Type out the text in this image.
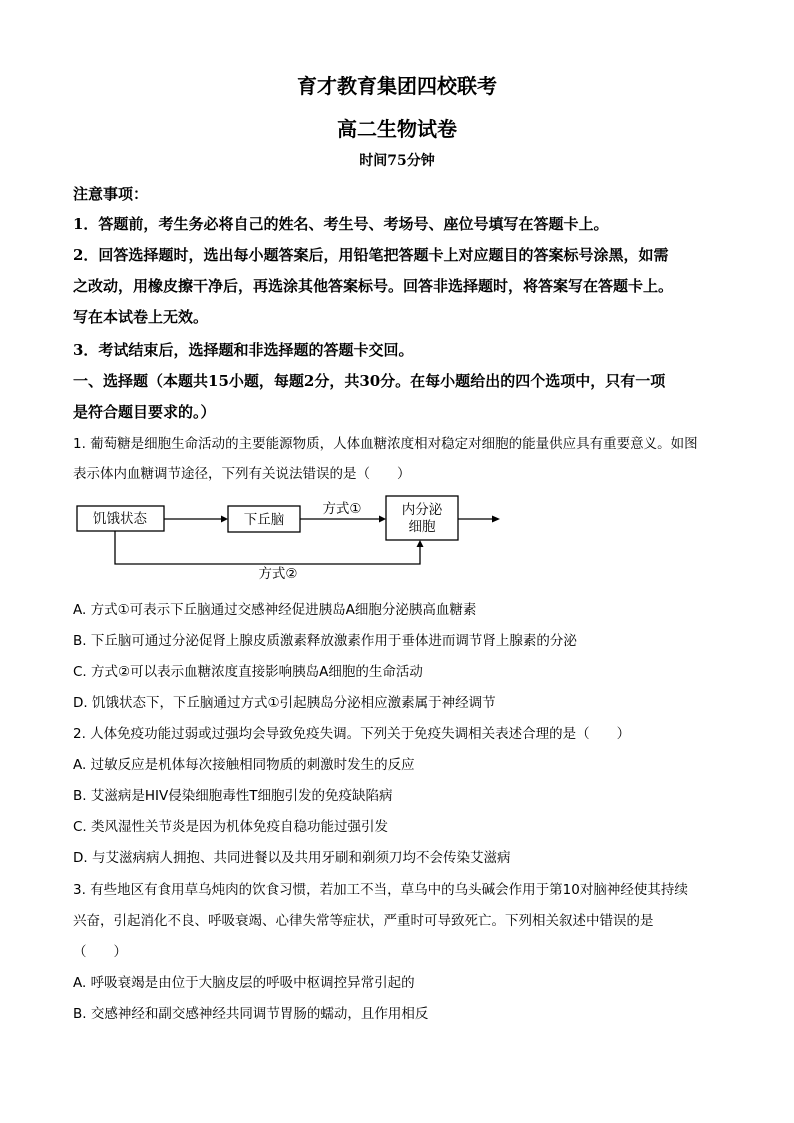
育才教育集团四校联考
高二生物试卷
时间75分钟

注意事项：

1．答题前，考生务必将自己的姓名、考生号、考场号、座位号填写在答题卡上。

2．回答选择题时，选出每小题答案后，用铅笔把答题卡上对应题目的答案标号涂黑，如需

之改动，用橡皮擦干净后，再选涂其他答案标号。回答非选择题时，将答案写在答题卡上。

写在本试卷上无效。

3．考试结束后，选择题和非选择题的答题卡交回。

一、选择题（本题共15小题，每题2分，共30分。在每小题给出的四个选项中，只有一项

是符合题目要求的。）

1. 葡萄糖是细胞生命活动的主要能源物质，人体血糖浓度相对稳定对细胞的能量供应具有重要意义。如图

表示体内血糖调节途径，下列有关说法错误的是（　　）

饥饿状态	下丘脑
内分泌
细胞
方式①
方式②

A. 方式①可表示下丘脑通过交感神经促进胰岛A细胞分泌胰高血糖素

B. 下丘脑可通过分泌促肾上腺皮质激素释放激素作用于垂体进而调节肾上腺素的分泌

C. 方式②可以表示血糖浓度直接影响胰岛A细胞的生命活动

D. 饥饿状态下，下丘脑通过方式①引起胰岛分泌相应激素属于神经调节

2. 人体免疫功能过弱或过强均会导致免疫失调。下列关于免疫失调相关表述合理的是（　　）

A. 过敏反应是机体每次接触相同物质的刺激时发生的反应

B. 艾滋病是HIV侵染细胞毒性T细胞引发的免疫缺陷病

C. 类风湿性关节炎是因为机体免疫自稳功能过强引发

D. 与艾滋病病人拥抱、共同进餐以及共用牙刷和剃须刀均不会传染艾滋病

3. 有些地区有食用草乌炖肉的饮食习惯，若加工不当，草乌中的乌头碱会作用于第10对脑神经使其持续

兴奋，引起消化不良、呼吸衰竭、心律失常等症状，严重时可导致死亡。下列相关叙述中错误的是

（　　）

A. 呼吸衰竭是由位于大脑皮层的呼吸中枢调控异常引起的

B. 交感神经和副交感神经共同调节胃肠的蠕动，且作用相反
